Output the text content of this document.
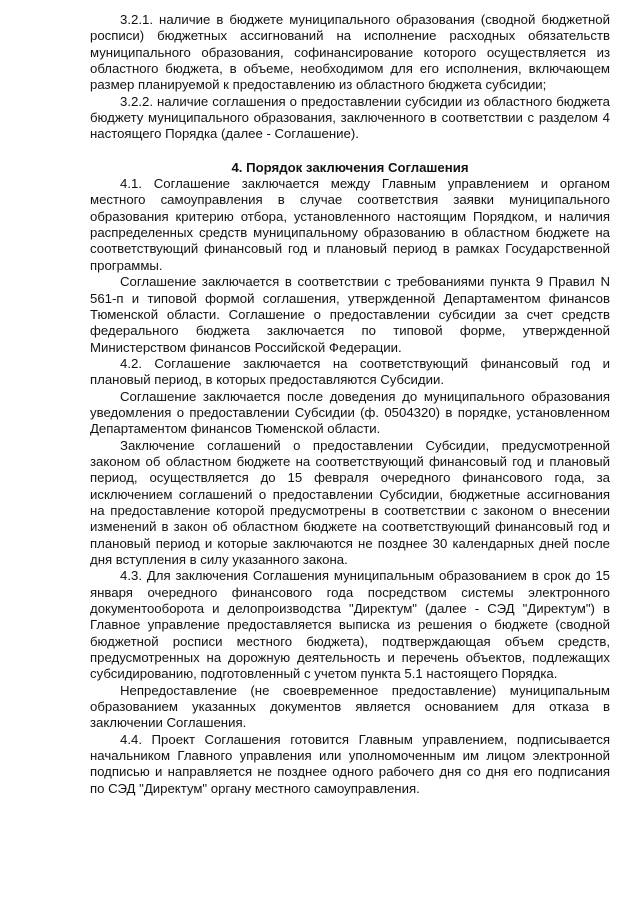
3.2.1. наличие в бюджете муниципального образования (сводной бюджетной росписи) бюджетных ассигнований на исполнение расходных обязательств муниципального образования, софинансирование которого осуществляется из областного бюджета, в объеме, необходимом для его исполнения, включающем размер планируемой к предоставлению из областного бюджета субсидии;

3.2.2. наличие соглашения о предоставлении субсидии из областного бюджета бюджету муниципального образования, заключенного в соответствии с разделом 4 настоящего Порядка (далее - Соглашение).

4. Порядок заключения Соглашения

4.1. Соглашение заключается между Главным управлением и органом местного самоуправления в случае соответствия заявки муниципального образования критерию отбора, установленного настоящим Порядком, и наличия распределенных средств муниципальному образованию в областном бюджете на соответствующий финансовый год и плановый период в рамках Государственной программы.

Соглашение заключается в соответствии с требованиями пункта 9 Правил N 561-п и типовой формой соглашения, утвержденной Департаментом финансов Тюменской области. Соглашение о предоставлении субсидии за счет средств федерального бюджета заключается по типовой форме, утвержденной Министерством финансов Российской Федерации.

4.2. Соглашение заключается на соответствующий финансовый год и плановый период, в которых предоставляются Субсидии.

Соглашение заключается после доведения до муниципального образования уведомления о предоставлении Субсидии (ф. 0504320) в порядке, установленном Департаментом финансов Тюменской области.

Заключение соглашений о предоставлении Субсидии, предусмотренной законом об областном бюджете на соответствующий финансовый год и плановый период, осуществляется до 15 февраля очередного финансового года, за исключением соглашений о предоставлении Субсидии, бюджетные ассигнования на предоставление которой предусмотрены в соответствии с законом о внесении изменений в закон об областном бюджете на соответствующий финансовый год и плановый период и которые заключаются не позднее 30 календарных дней после дня вступления в силу указанного закона.

4.3. Для заключения Соглашения муниципальным образованием в срок до 15 января очередного финансового года посредством системы электронного документооборота и делопроизводства "Директум" (далее - СЭД "Директум") в Главное управление предоставляется выписка из решения о бюджете (сводной бюджетной росписи местного бюджета), подтверждающая объем средств, предусмотренных на дорожную деятельность и перечень объектов, подлежащих субсидированию, подготовленный с учетом пункта 5.1 настоящего Порядка.

Непредоставление (не своевременное предоставление) муниципальным образованием указанных документов является основанием для отказа в заключении Соглашения.

4.4. Проект Соглашения готовится Главным управлением, подписывается начальником Главного управления или уполномоченным им лицом электронной подписью и направляется не позднее одного рабочего дня со дня его подписания по СЭД "Директум" органу местного самоуправления.
